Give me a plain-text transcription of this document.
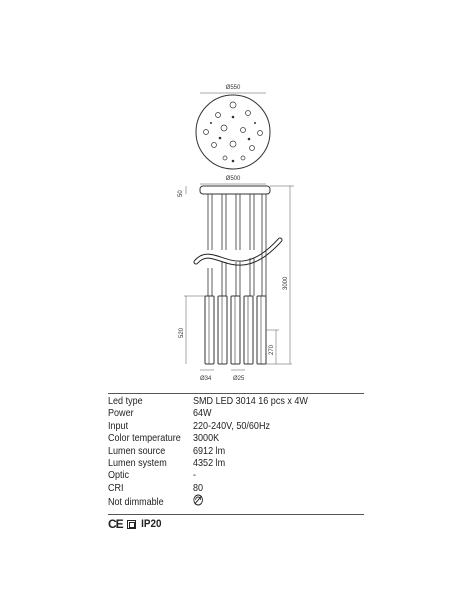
Ø550
Ø500
50
3000
520
270
Ø34	Ø25
Led type	SMD LED 3014 16 pcs x 4W
Power	64W
Input	220-240V, 50/60Hz
Color temperature	3000K
Lumen source	6912 lm
Lumen system	4352 lm
Optic	-
CRI	80
Not dimmable	
CE IP20
